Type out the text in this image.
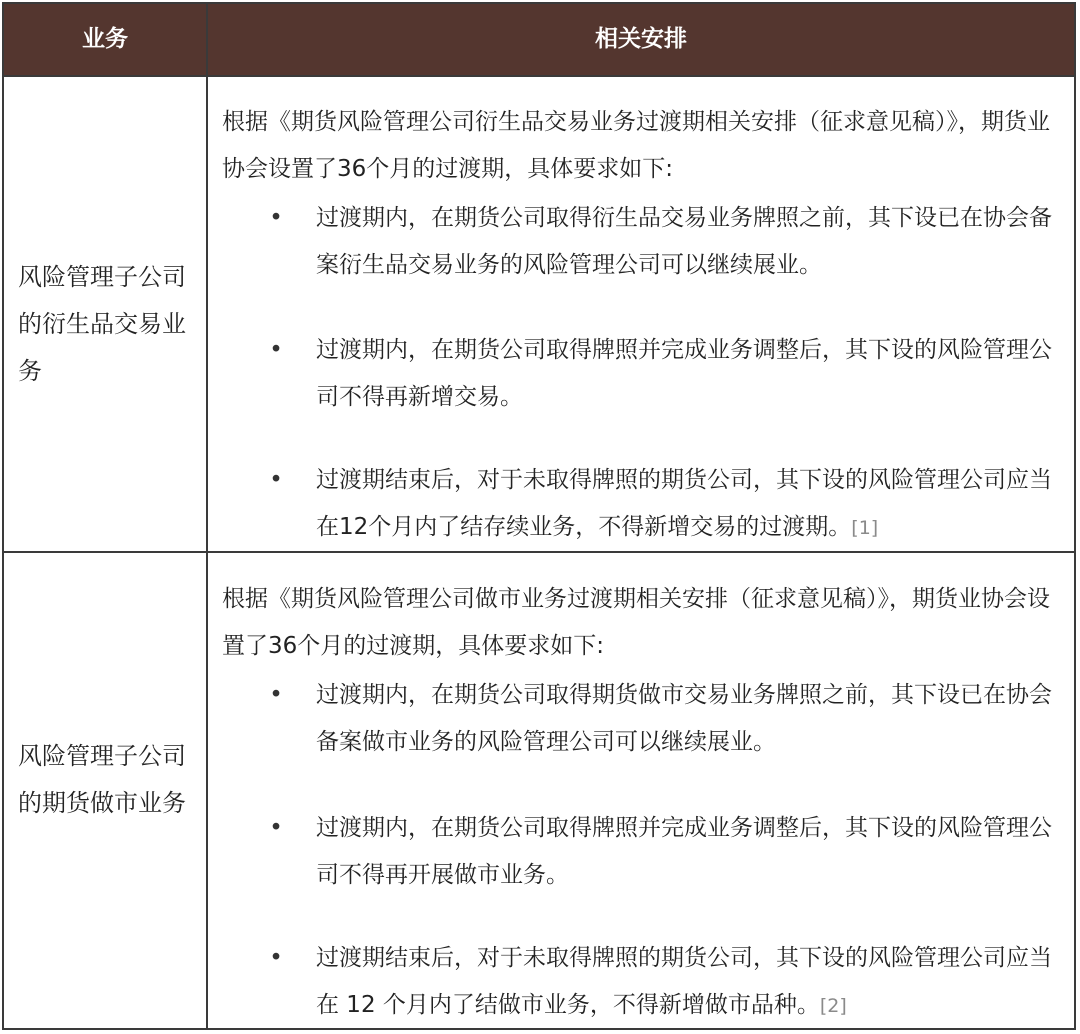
业务	相关安排
风险管理子公司的衍生品交易业务
根据《期货风险管理公司衍生品交易业务过渡期相关安排（征求意见稿）》，期货业协会设置了36个月的过渡期，具体要求如下:
• 过渡期内，在期货公司取得衍生品交易业务牌照之前，其下设已在协会备案衍生品交易业务的风险管理公司可以继续展业。
• 过渡期内，在期货公司取得牌照并完成业务调整后，其下设的风险管理公司不得再新增交易。
• 过渡期结束后，对于未取得牌照的期货公司，其下设的风险管理公司应当在12个月内了结存续业务，不得新增交易的过渡期。[1]
风险管理子公司的期货做市业务
根据《期货风险管理公司做市业务过渡期相关安排（征求意见稿）》，期货业协会设置了36个月的过渡期，具体要求如下:
• 过渡期内，在期货公司取得期货做市交易业务牌照之前，其下设已在协会备案做市业务的风险管理公司可以继续展业。
• 过渡期内，在期货公司取得牌照并完成业务调整后，其下设的风险管理公司不得再开展做市业务。
• 过渡期结束后，对于未取得牌照的期货公司，其下设的风险管理公司应当在 12 个月内了结做市业务，不得新增做市品种。[2]
